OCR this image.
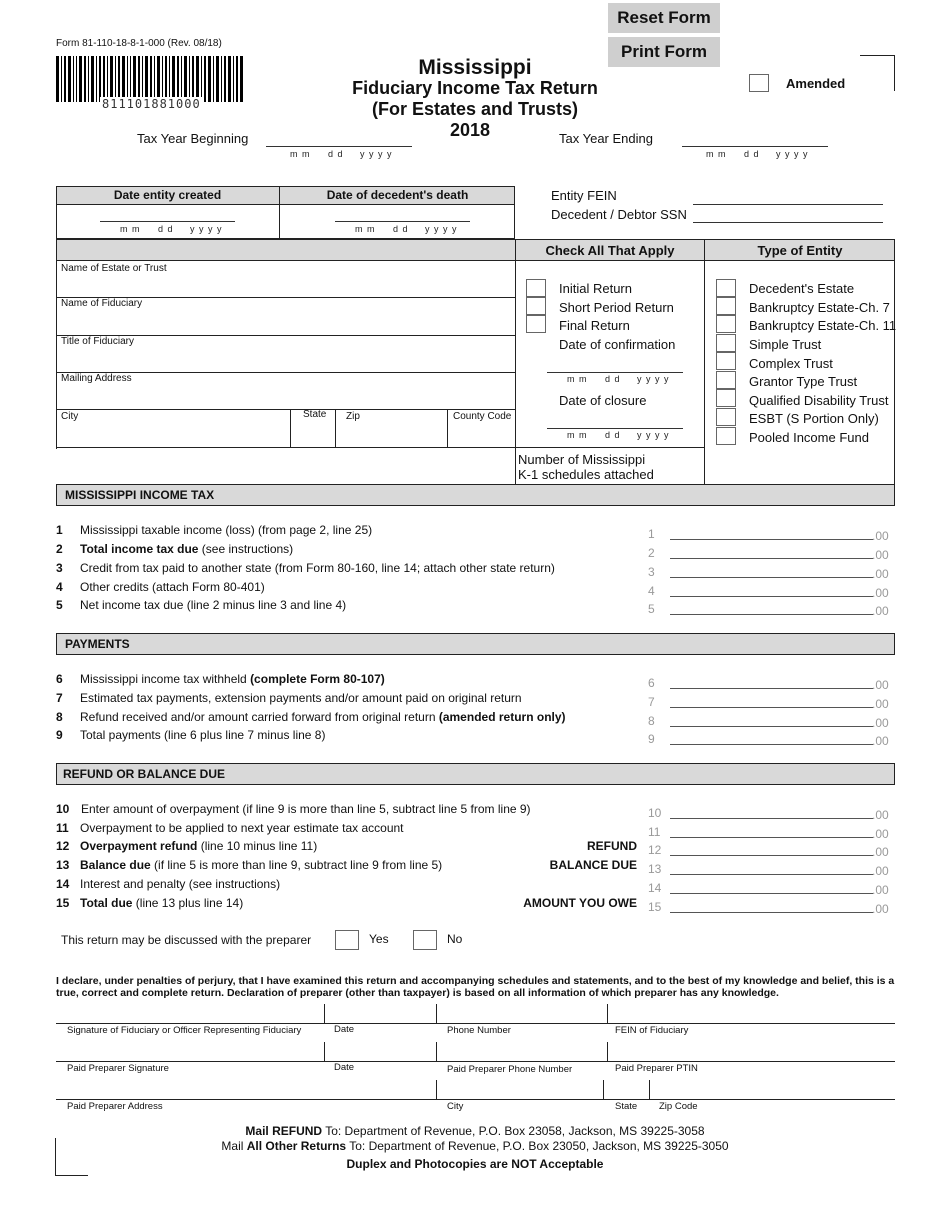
Form 81-110-18-8-1-000 (Rev. 08/18)
811101881000
Reset Form
Print Form
Mississippi
Fiduciary Income Tax Return
(For Estates and Trusts)
2018
Amended
Tax Year Beginning
m m d d y y y y
Tax Year Ending
m m d d y y y y
Date entity created	Date of decedent's death
m m d d y y y y	m m d d y y y y
Entity FEIN
Decedent / Debtor SSN
Check All That Apply	Type of Entity
Name of Estate or Trust
Name of Fiduciary
Title of Fiduciary
Mailing Address
City	State Zip	County Code
Initial Return
Short Period Return
Final Return
Date of confirmation
m m d d y y y y
Date of closure
m m d d y y y y
Number of Mississippi
K-1 schedules attached
Decedent's Estate
Bankruptcy Estate-Ch. 7
Bankruptcy Estate-Ch. 11
Simple Trust
Complex Trust
Grantor Type Trust
Qualified Disability Trust
ESBT (S Portion Only)
Pooled Income Fund
MISSISSIPPI INCOME TAX
1 Mississippi taxable income (loss) (from page 2, line 25)	1	.00
2 Total income tax due (see instructions)	2	.00
3 Credit from tax paid to another state (from Form 80-160, line 14; attach other state return)	3	.00
4 Other credits (attach Form 80-401)	4	.00
5 Net income tax due (line 2 minus line 3 and line 4)	5	.00
PAYMENTS
6 Mississippi income tax withheld (complete Form 80-107)	6	.00
7 Estimated tax payments, extension payments and/or amount paid on original return	7	.00
8 Refund received and/or amount carried forward from original return (amended return only)	8	.00
9 Total payments (line 6 plus line 7 minus line 8)	9	.00
REFUND OR BALANCE DUE
10 Enter amount of overpayment (if line 9 is more than line 5, subtract line 5 from line 9)	10	.00
11 Overpayment to be applied to next year estimate tax account	11	.00
12 Overpayment refund (line 10 minus line 11)	REFUND 12	.00
13 Balance due (if line 5 is more than line 9, subtract line 9 from line 5)	BALANCE DUE 13	.00
14 Interest and penalty (see instructions)	14	.00
15 Total due (line 13 plus line 14)	AMOUNT YOU OWE 15	.00
This return may be discussed with the preparer	Yes	No
I declare, under penalties of perjury, that I have examined this return and accompanying schedules and statements, and to the best of my knowledge and belief, this is a true, correct and complete return. Declaration of preparer (other than taxpayer) is based on all information of which preparer has any knowledge.
Signature of Fiduciary or Officer Representing Fiduciary	Date	Phone Number	FEIN of Fiduciary
Paid Preparer Signature	Date	Paid Preparer Phone Number	Paid Preparer PTIN
Paid Preparer Address	City	State Zip Code
Mail REFUND To: Department of Revenue, P.O. Box 23058, Jackson, MS 39225-3058
Mail All Other Returns To: Department of Revenue, P.O. Box 23050, Jackson, MS 39225-3050
Duplex and Photocopies are NOT Acceptable
